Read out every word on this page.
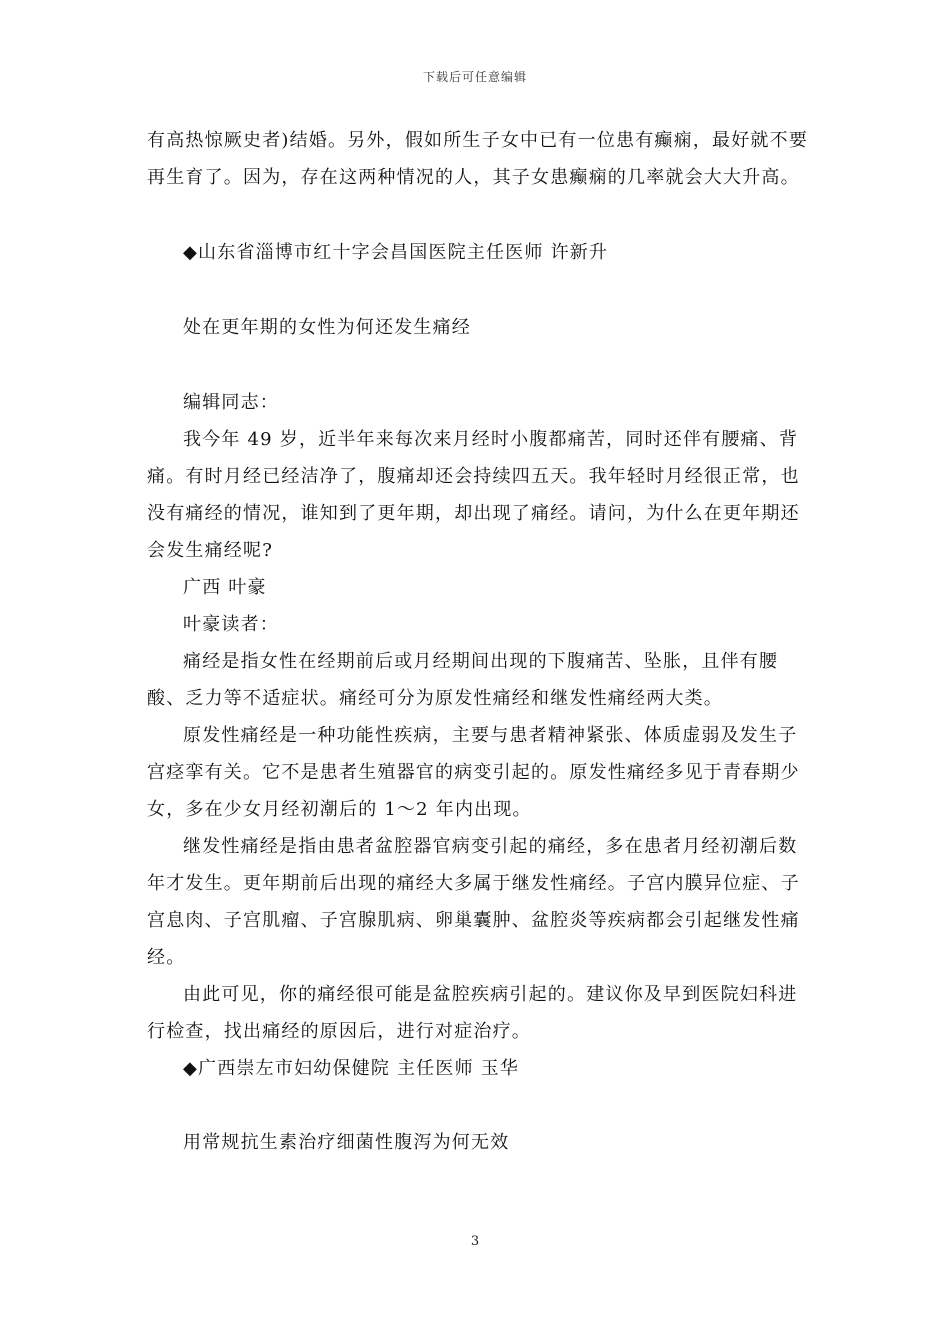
下载后可任意编辑

有高热惊厥史者)结婚。另外，假如所生子女中已有一位患有癫痫，最好就不要再生育了。因为，存在这两种情况的人，其子女患癫痫的几率就会大大升高。

◆山东省淄博市红十字会昌国医院主任医师 许新升

处在更年期的女性为何还发生痛经

编辑同志：

我今年 49 岁，近半年来每次来月经时小腹都痛苦，同时还伴有腰痛、背痛。有时月经已经洁净了，腹痛却还会持续四五天。我年轻时月经很正常，也没有痛经的情况，谁知到了更年期，却出现了痛经。请问，为什么在更年期还会发生痛经呢?

广西 叶豪

叶豪读者：

痛经是指女性在经期前后或月经期间出现的下腹痛苦、坠胀，且伴有腰酸、乏力等不适症状。痛经可分为原发性痛经和继发性痛经两大类。

原发性痛经是一种功能性疾病，主要与患者精神紧张、体质虚弱及发生子宫痉挛有关。它不是患者生殖器官的病变引起的。原发性痛经多见于青春期少女，多在少女月经初潮后的 1～2 年内出现。

继发性痛经是指由患者盆腔器官病变引起的痛经，多在患者月经初潮后数年才发生。更年期前后出现的痛经大多属于继发性痛经。子宫内膜异位症、子宫息肉、子宫肌瘤、子宫腺肌病、卵巢囊肿、盆腔炎等疾病都会引起继发性痛经。

由此可见，你的痛经很可能是盆腔疾病引起的。建议你及早到医院妇科进行检查，找出痛经的原因后，进行对症治疗。

◆广西崇左市妇幼保健院 主任医师 玉华

用常规抗生素治疗细菌性腹泻为何无效

3
